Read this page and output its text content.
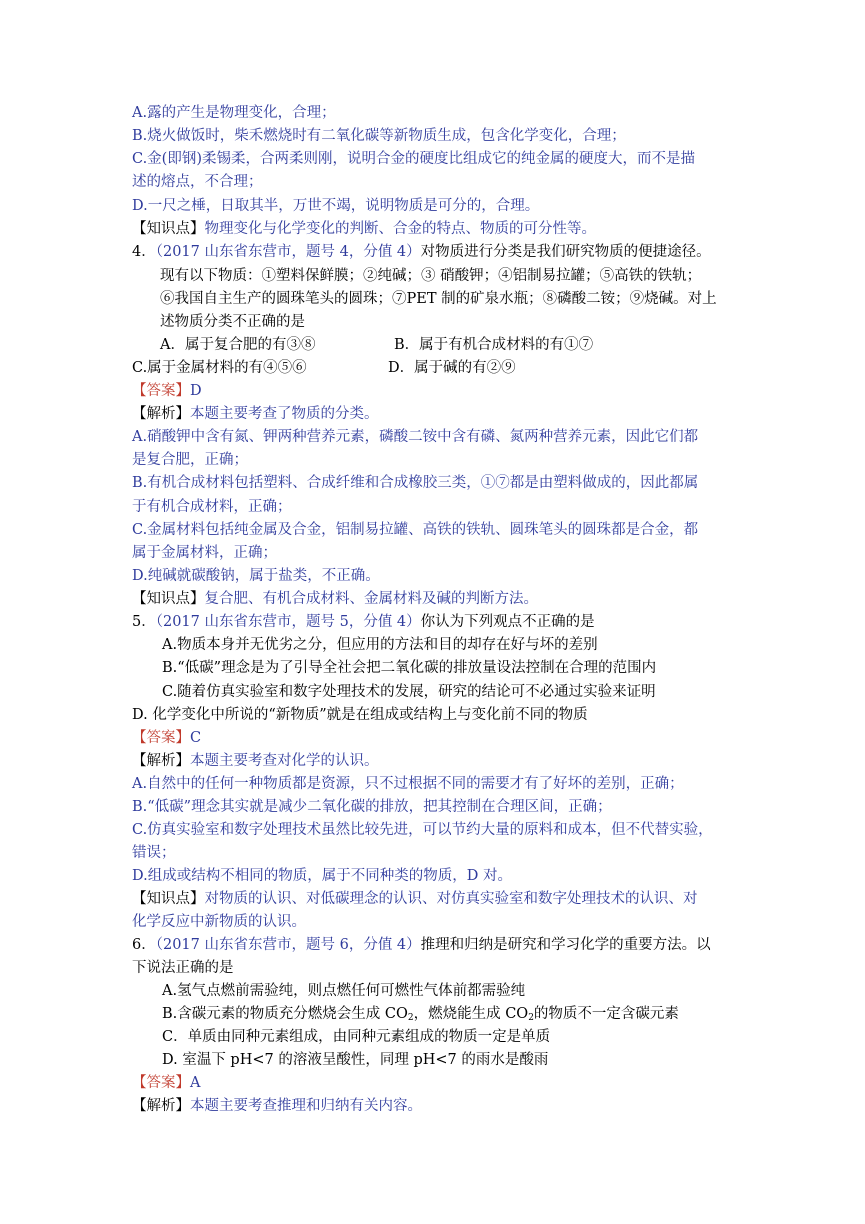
A.露的产生是物理变化，合理；
B.烧火做饭时，柴禾燃烧时有二氧化碳等新物质生成，包含化学变化，合理；
C.金(即钢)柔锡柔，合两柔则刚，说明合金的硬度比组成它的纯金属的硬度大，而不是描
述的熔点，不合理；
D.一尺之棰，日取其半，万世不竭，说明物质是可分的，合理。
【知识点】物理变化与化学变化的判断、合金的特点、物质的可分性等。
4．（2017 山东省东营市，题号 4，分值 4）对物质进行分类是我们研究物质的便捷途径。
现有以下物质：①塑料保鲜膜；②纯碱；③ 硝酸钾；④铝制易拉罐；⑤高铁的铁轨；
⑥我国自主生产的圆珠笔头的圆珠；⑦PET 制的矿泉水瓶；⑧磷酸二铵；⑨烧碱。对上
述物质分类不正确的是
A．属于复合肥的有③⑧	B．属于有机合成材料的有①⑦
C.属于金属材料的有④⑤⑥	D．属于碱的有②⑨
【答案】D
【解析】本题主要考查了物质的分类。
A.硝酸钾中含有氮、钾两种营养元素，磷酸二铵中含有磷、氮两种营养元素，因此它们都
是复合肥，正确；
B.有机合成材料包括塑料、合成纤维和合成橡胶三类，①⑦都是由塑料做成的，因此都属
于有机合成材料，正确；
C.金属材料包括纯金属及合金，铝制易拉罐、高铁的铁轨、圆珠笔头的圆珠都是合金，都
属于金属材料，正确；
D.纯碱就碳酸钠，属于盐类，不正确。
【知识点】复合肥、有机合成材料、金属材料及碱的判断方法。
5．（2017 山东省东营市，题号 5，分值 4）你认为下列观点不正确的是
A.物质本身并无优劣之分，但应用的方法和目的却存在好与坏的差别
B.“低碳”理念是为了引导全社会把二氧化碳的排放量设法控制在合理的范围内
C.随着仿真实验室和数字处理技术的发展，研究的结论可不必通过实验来证明
D. 化学变化中所说的“新物质”就是在组成或结构上与变化前不同的物质
【答案】C
【解析】本题主要考查对化学的认识。
A.自然中的任何一种物质都是资源，只不过根据不同的需要才有了好坏的差别，正确；
B.“低碳”理念其实就是减少二氧化碳的排放，把其控制在合理区间，正确；
C.仿真实验室和数字处理技术虽然比较先进，可以节约大量的原料和成本，但不代替实验，
错误；
D.组成或结构不相同的物质，属于不同种类的物质，D 对。
【知识点】对物质的认识、对低碳理念的认识、对仿真实验室和数字处理技术的认识、对
化学反应中新物质的认识。
6．（2017 山东省东营市，题号 6，分值 4）推理和归纳是研究和学习化学的重要方法。以
下说法正确的是
A.氢气点燃前需验纯，则点燃任何可燃性气体前都需验纯
B.含碳元素的物质充分燃烧会生成 $CO_2$，燃烧能生成 $CO_2$的物质不一定含碳元素
C．单质由同种元素组成，由同种元素组成的物质一定是单质
D. 室温下 pH<7 的溶液呈酸性，同理 pH<7 的雨水是酸雨
【答案】A
【解析】本题主要考查推理和归纳有关内容。
